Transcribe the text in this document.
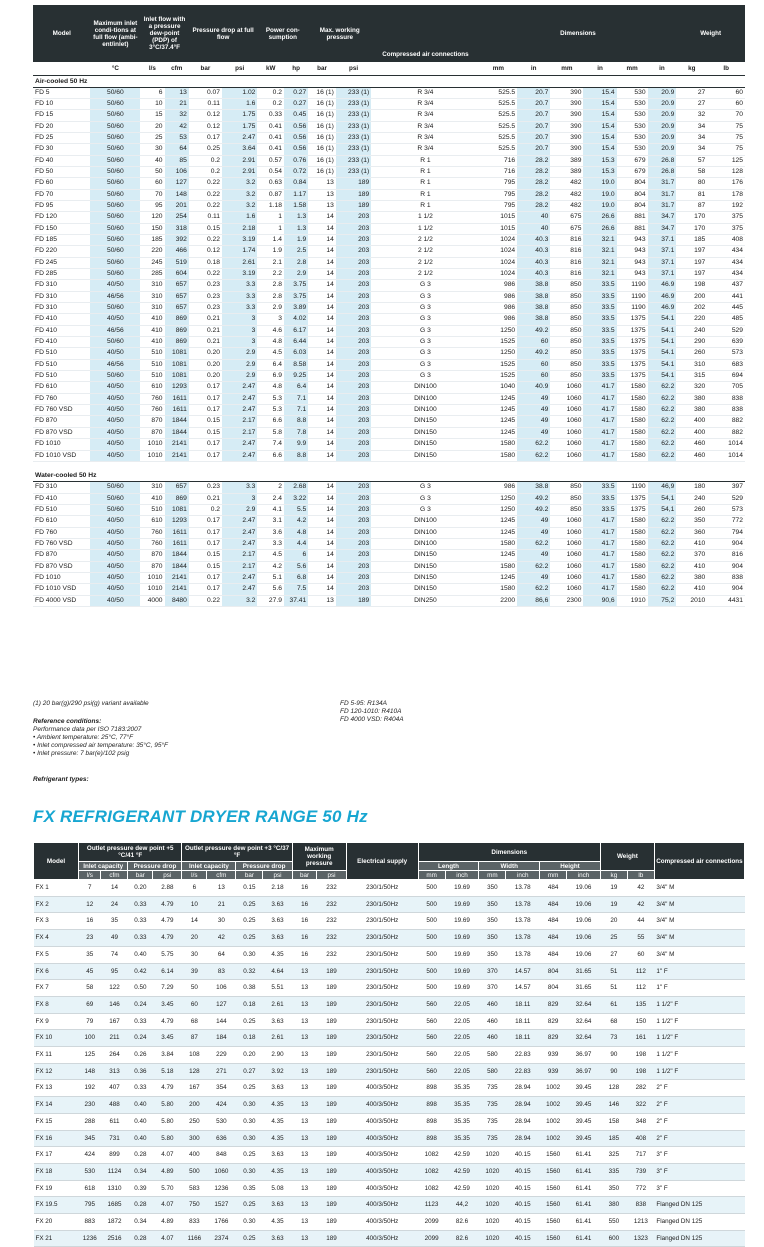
Model	Maximum inlet condi-tions at full flow (ambi-ent/inlet)	Inlet flow with a pressure dew-point (PDP) of 3°C/37.4°F		Pressure drop at full flow		Power con-sumption		Max. working pressure		Compressed air connections	Dimensions						Weight	
	°C	l/s	cfm	bar	psi	kW	hp	bar	psi		mm	in	mm	in	mm	in	kg	lb
Air-cooled 50 Hz																		
FD 5	50/60	6	13	0.07	1.02	0.2	0.27	16 (1)	233 (1)	R 3/4	525.5	20.7	390	15.4	530	20.9	27	60
FD 10	50/60	10	21	0.11	1.6	0.2	0.27	16 (1)	233 (1)	R 3/4	525.5	20.7	390	15.4	530	20.9	27	60
FD 15	50/60	15	32	0.12	1.75	0.33	0.45	16 (1)	233 (1)	R 3/4	525.5	20.7	390	15.4	530	20.9	32	70
FD 20	50/60	20	42	0.12	1.75	0.41	0.56	16 (1)	233 (1)	R 3/4	525.5	20.7	390	15.4	530	20.9	34	75
FD 25	50/60	25	53	0.17	2.47	0.41	0.56	16 (1)	233 (1)	R 3/4	525.5	20.7	390	15.4	530	20.9	34	75
FD 30	50/60	30	64	0.25	3.64	0.41	0.56	16 (1)	233 (1)	R 3/4	525.5	20.7	390	15.4	530	20.9	34	75
FD 40	50/60	40	85	0.2	2.91	0.57	0.76	16 (1)	233 (1)	R 1	716	28.2	389	15.3	679	26.8	57	125
FD 50	50/60	50	106	0.2	2.91	0.54	0.72	16 (1)	233 (1)	R 1	716	28.2	389	15.3	679	26.8	58	128
FD 60	50/60	60	127	0.22	3.2	0.63	0.84	13	189	R 1	795	28.2	482	19.0	804	31.7	80	176
FD 70	50/60	70	148	0.22	3.2	0.87	1.17	13	189	R 1	795	28.2	482	19.0	804	31.7	81	178
FD 95	50/60	95	201	0.22	3.2	1.18	1.58	13	189	R 1	795	28.2	482	19.0	804	31.7	87	192
FD 120	50/60	120	254	0.11	1.6	1	1.3	14	203	1 1/2	1015	40	675	26.6	881	34.7	170	375
FD 150	50/60	150	318	0.15	2.18	1	1.3	14	203	1 1/2	1015	40	675	26.6	881	34.7	170	375
FD 185	50/60	185	392	0.22	3.19	1.4	1.9	14	203	2 1/2	1024	40.3	816	32.1	943	37.1	185	408
FD 220	50/60	220	466	0.12	1.74	1.9	2.5	14	203	2 1/2	1024	40.3	816	32.1	943	37.1	197	434
FD 245	50/60	245	519	0.18	2.61	2.1	2.8	14	203	2 1/2	1024	40.3	816	32.1	943	37.1	197	434
FD 285	50/60	285	604	0.22	3.19	2.2	2.9	14	203	2 1/2	1024	40.3	816	32.1	943	37.1	197	434
FD 310	40/50	310	657	0.23	3.3	2.8	3.75	14	203	G 3	986	38.8	850	33.5	1190	46.9	198	437
FD 310	46/56	310	657	0.23	3.3	2.8	3.75	14	203	G 3	986	38.8	850	33.5	1190	46.9	200	441
FD 310	50/60	310	657	0.23	3.3	2.9	3.89	14	203	G 3	986	38.8	850	33.5	1190	46.9	202	445
FD 410	40/50	410	869	0.21	3	3	4.02	14	203	G 3	986	38.8	850	33.5	1375	54.1	220	485
FD 410	46/56	410	869	0.21	3	4.6	6.17	14	203	G 3	1250	49.2	850	33.5	1375	54.1	240	529
FD 410	50/60	410	869	0.21	3	4.8	6.44	14	203	G 3	1525	60	850	33.5	1375	54.1	290	639
FD 510	40/50	510	1081	0.20	2.9	4.5	6.03	14	203	G 3	1250	49.2	850	33.5	1375	54.1	260	573
FD 510	46/56	510	1081	0.20	2.9	6.4	8.58	14	203	G 3	1525	60	850	33.5	1375	54.1	310	683
FD 510	50/60	510	1081	0.20	2.9	6.9	9.25	14	203	G 3	1525	60	850	33.5	1375	54.1	315	694
FD 610	40/50	610	1293	0.17	2.47	4.8	6.4	14	203	DIN100	1040	40.9	1060	41.7	1580	62.2	320	705
FD 760	40/50	760	1611	0.17	2.47	5.3	7.1	14	203	DIN100	1245	49	1060	41.7	1580	62.2	380	838
FD 760 VSD	40/50	760	1611	0.17	2.47	5.3	7.1	14	203	DIN100	1245	49	1060	41.7	1580	62.2	380	838
FD 870	40/50	870	1844	0.15	2.17	6.6	8.8	14	203	DIN150	1245	49	1060	41.7	1580	62.2	400	882
FD 870 VSD	40/50	870	1844	0.15	2.17	5.8	7.8	14	203	DIN150	1245	49	1060	41.7	1580	62.2	400	882
FD 1010	40/50	1010	2141	0.17	2.47	7.4	9.9	14	203	DIN150	1580	62.2	1060	41.7	1580	62.2	460	1014
FD 1010 VSD	40/50	1010	2141	0.17	2.47	6.6	8.8	14	203	DIN150	1580	62.2	1060	41.7	1580	62.2	460	1014

Water-cooled 50 Hz																		
FD 310	50/60	310	657	0.23	3.3	2	2.68	14	203	G 3	986	38.8	850	33.5	1190	46,9	180	397
FD 410	50/60	410	869	0.21	3	2.4	3.22	14	203	G 3	1250	49.2	850	33.5	1375	54,1	240	529
FD 510	50/60	510	1081	0.2	2.9	4.1	5.5	14	203	G 3	1250	49.2	850	33.5	1375	54,1	260	573
FD 610	40/50	610	1293	0.17	2.47	3.1	4.2	14	203	DIN100	1245	49	1060	41.7	1580	62.2	350	772
FD 760	40/50	760	1611	0.17	2.47	3.6	4.8	14	203	DIN100	1245	49	1060	41.7	1580	62.2	360	794
FD 760 VSD	40/50	760	1611	0.17	2.47	3.3	4.4	14	203	DIN100	1580	62.2	1060	41.7	1580	62.2	410	904
FD 870	40/50	870	1844	0.15	2.17	4.5	6	14	203	DIN150	1245	49	1060	41.7	1580	62.2	370	816
FD 870 VSD	40/50	870	1844	0.15	2.17	4.2	5.6	14	203	DIN150	1580	62.2	1060	41.7	1580	62.2	410	904
FD 1010	40/50	1010	2141	0.17	2.47	5.1	6.8	14	203	DIN150	1245	49	1060	41.7	1580	62.2	380	838
FD 1010 VSD	40/50	1010	2141	0.17	2.47	5.6	7.5	14	203	DIN150	1580	62.2	1060	41.7	1580	62.2	410	904
FD 4000 VSD	40/50	4000	8480	0.22	3.2	27.9	37.41	13	189	DIN250	2200	86,6	2300	90,6	1910	75,2	2010	4431
(1) 20 bar(g)/290 psi(g) variant available
Reference conditions:
Performance data per ISO 7183:2007
• Ambient temperature: 25°C, 77°F
• Inlet compressed air temperature: 35°C, 95°F
• Inlet pressure: 7 bar(e)/102 psig
Refrigerant types:
FD 5-95: R134A
FD 120-1010: R410A
FD 4000 VSD: R404A
FX REFRIGERANT DRYER RANGE 50 Hz
Model	Outlet pressure dew point +5 °C/41 °F				Outlet pressure dew point +3 °C/37 °F				Maximum working pressure		Electrical supply	Dimensions						Weight		Compressed air connections
	Inlet capacity		Pressure drop		Inlet capacity		Pressure drop					Length		Width		Height				
	l/s	cfm	bar	psi	l/s	cfm	bar	psi	bar	psi		mm	inch	mm	inch	mm	inch	kg	lb	
FX 1	7	14	0.20	2.88	6	13	0.15	2.18	16	232	230/1/50Hz	500	19.69	350	13.78	484	19.06	19	42	3/4" M
FX 2	12	24	0.33	4.79	10	21	0.25	3.63	16	232	230/1/50Hz	500	19.69	350	13.78	484	19.06	19	42	3/4" M
FX 3	16	35	0.33	4.79	14	30	0.25	3.63	16	232	230/1/50Hz	500	19.69	350	13.78	484	19.06	20	44	3/4" M
FX 4	23	49	0.33	4.79	20	42	0.25	3.63	16	232	230/1/50Hz	500	19.69	350	13.78	484	19.06	25	55	3/4" M
FX 5	35	74	0.40	5.75	30	64	0.30	4.35	16	232	230/1/50Hz	500	19.69	350	13.78	484	19.06	27	60	3/4" M
FX 6	45	95	0.42	6.14	39	83	0.32	4.64	13	189	230/1/50Hz	500	19.69	370	14.57	804	31.65	51	112	1" F
FX 7	58	122	0.50	7.29	50	106	0.38	5.51	13	189	230/1/50Hz	500	19.69	370	14.57	804	31.65	51	112	1" F
FX 8	69	146	0.24	3.45	60	127	0.18	2.61	13	189	230/1/50Hz	560	22.05	460	18.11	829	32.64	61	135	1 1/2" F
FX 9	79	167	0.33	4.79	68	144	0.25	3.63	13	189	230/1/50Hz	560	22.05	460	18.11	829	32.64	68	150	1 1/2" F
FX 10	100	211	0.24	3.45	87	184	0.18	2.61	13	189	230/1/50Hz	560	22.05	460	18.11	829	32.64	73	161	1 1/2" F
FX 11	125	264	0.26	3.84	108	229	0.20	2.90	13	189	230/1/50Hz	560	22.05	580	22.83	939	36.97	90	198	1 1/2" F
FX 12	148	313	0.36	5.18	128	271	0.27	3.92	13	189	230/1/50Hz	560	22.05	580	22.83	939	36.97	90	198	1 1/2" F
FX 13	192	407	0.33	4.79	167	354	0.25	3.63	13	189	400/3/50Hz	898	35.35	735	28.94	1002	39.45	128	282	2" F
FX 14	230	488	0.40	5.80	200	424	0.30	4.35	13	189	400/3/50Hz	898	35.35	735	28.94	1002	39.45	146	322	2" F
FX 15	288	611	0.40	5.80	250	530	0.30	4.35	13	189	400/3/50Hz	898	35.35	735	28.94	1002	39.45	158	348	2" F
FX 16	345	731	0.40	5.80	300	636	0.30	4.35	13	189	400/3/50Hz	898	35.35	735	28.94	1002	39.45	185	408	2" F
FX 17	424	899	0.28	4.07	400	848	0.25	3.63	13	189	400/3/50Hz	1082	42.59	1020	40.15	1560	61.41	325	717	3" F
FX 18	530	1124	0.34	4.89	500	1060	0.30	4.35	13	189	400/3/50Hz	1082	42.59	1020	40.15	1560	61.41	335	739	3" F
FX 19	618	1310	0.39	5.70	583	1236	0.35	5.08	13	189	400/3/50Hz	1082	42.59	1020	40.15	1560	61.41	350	772	3" F
FX 19.5	795	1685	0.28	4.07	750	1527	0.25	3.63	13	189	400/3/50Hz	1123	44,2	1020	40.15	1560	61.41	380	838	Flanged DN 125
FX 20	883	1872	0.34	4.89	833	1766	0.30	4.35	13	189	400/3/50Hz	2099	82.6	1020	40.15	1560	61.41	550	1213	Flanged DN 125
FX 21	1236	2516	0.28	4.07	1166	2374	0.25	3.63	13	189	400/3/50Hz	2099	82.6	1020	40.15	1560	61.41	600	1323	Flanged DN 125
